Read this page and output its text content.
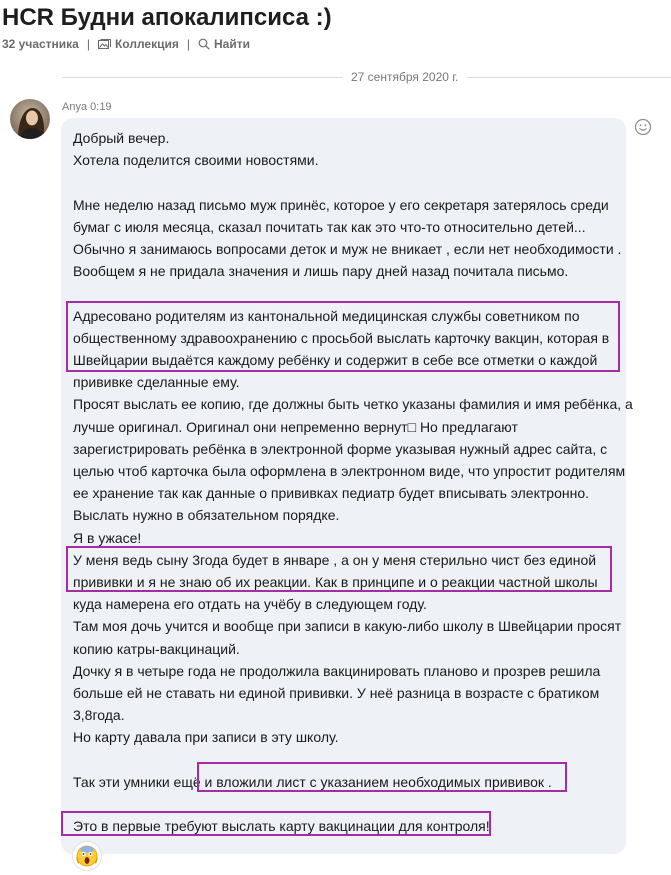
HCR Будни апокалипсиса :)
32 участника | Коллекция | Найти
27 сентября 2020 г.
Anya 0:19

Добрый вечер.

Хотела поделится своими новостями.

Мне неделю назад письмо муж принёс, которое у его секретаря затерялось среди

бумаг с июля месяца, сказал почитать так как это что-то относительно детей...

Обычно я занимаюсь вопросами деток и муж не вникает , если нет необходимости .

Вообщем я не придала значения и лишь пару дней назад почитала письмо.

Адресовано родителям из кантональной медицинская службы советником по

общественному здравоохранению с просьбой выслать карточку вакцин, которая в

Швейцарии выдаётся каждому ребёнку и содержит в себе все отметки о каждой

прививке сделанные ему.

Просят выслать ее копию, где должны быть четко указаны фамилия и имя ребёнка, а

лучше оригинал. Оригинал они непременно вернут□ Но предлагают

зарегистрировать ребёнка в электронной форме указывая нужный адрес сайта, с

целью чтоб карточка была оформлена в электронном виде, что упростит родителям

ее хранение так как данные о прививках педиатр будет вписывать электронно.

Выслать нужно в обязательном порядке.

Я в ужасе!

У меня ведь сыну 3года будет в январе , а он у меня стерильно чист без единой

прививки и я не знаю об их реакции. Как в принципе и о реакции частной школы

куда намерена его отдать на учёбу в следующем году.

Там моя дочь учится и вообще при записи в какую-либо школу в Швейцарии просят

копию катры-вакцинаций.

Дочку я в четыре года не продолжила вакцинировать планово и прозрев решила

больше ей не ставать ни единой прививки. У неё разница в возрасте с братиком

3,8года.

Но карту давала при записи в эту школу.

Так эти умники ещё и вложили лист с указанием необходимых прививок .

Это в первые требуют выслать карту вакцинации для контроля!
